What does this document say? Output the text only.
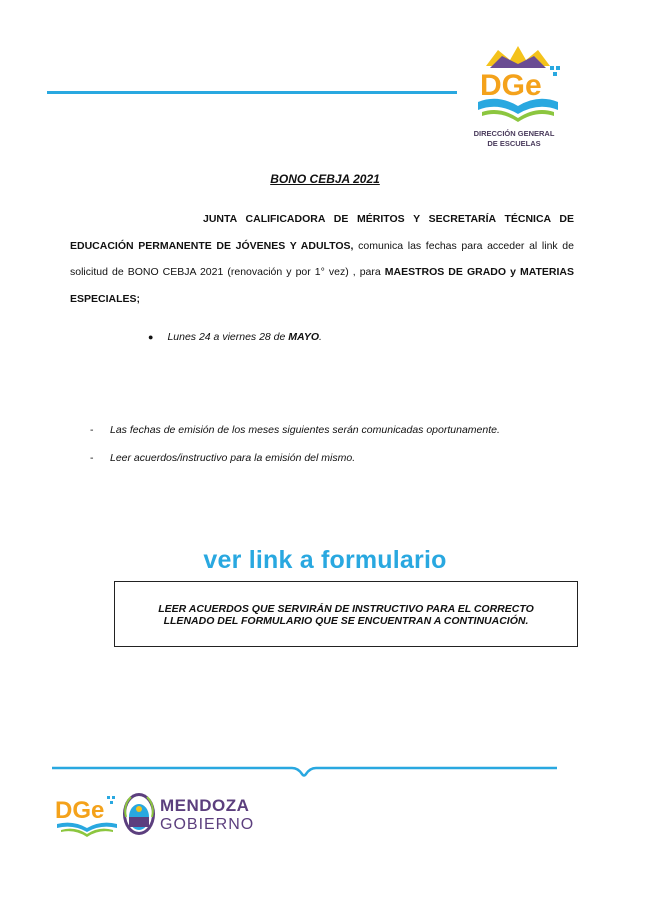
DGe
DIRECCIÓN GENERAL
DE ESCUELAS
BONO CEBJA 2021
JUNTA CALIFICADORA DE MÉRITOS Y SECRETARÍA TÉCNICA DE EDUCACIÓN PERMANENTE DE JÓVENES Y ADULTOS, comunica las fechas para acceder al link de solicitud de BONO CEBJA 2021 (renovación y por 1° vez) , para MAESTROS DE GRADO y MATERIAS ESPECIALES;
● Lunes 24 a viernes 28 de MAYO.
- Las fechas de emisión de los meses siguientes serán comunicadas oportunamente.
- Leer acuerdos/instructivo para la emisión del mismo.
ver link a formulario
LEER ACUERDOS QUE SERVIRÁN DE INSTRUCTIVO PARA EL CORRECTO
LLENADO DEL FORMULARIO QUE SE ENCUENTRAN A CONTINUACIÓN.
DGe	MENDOZA
GOBIERNO
